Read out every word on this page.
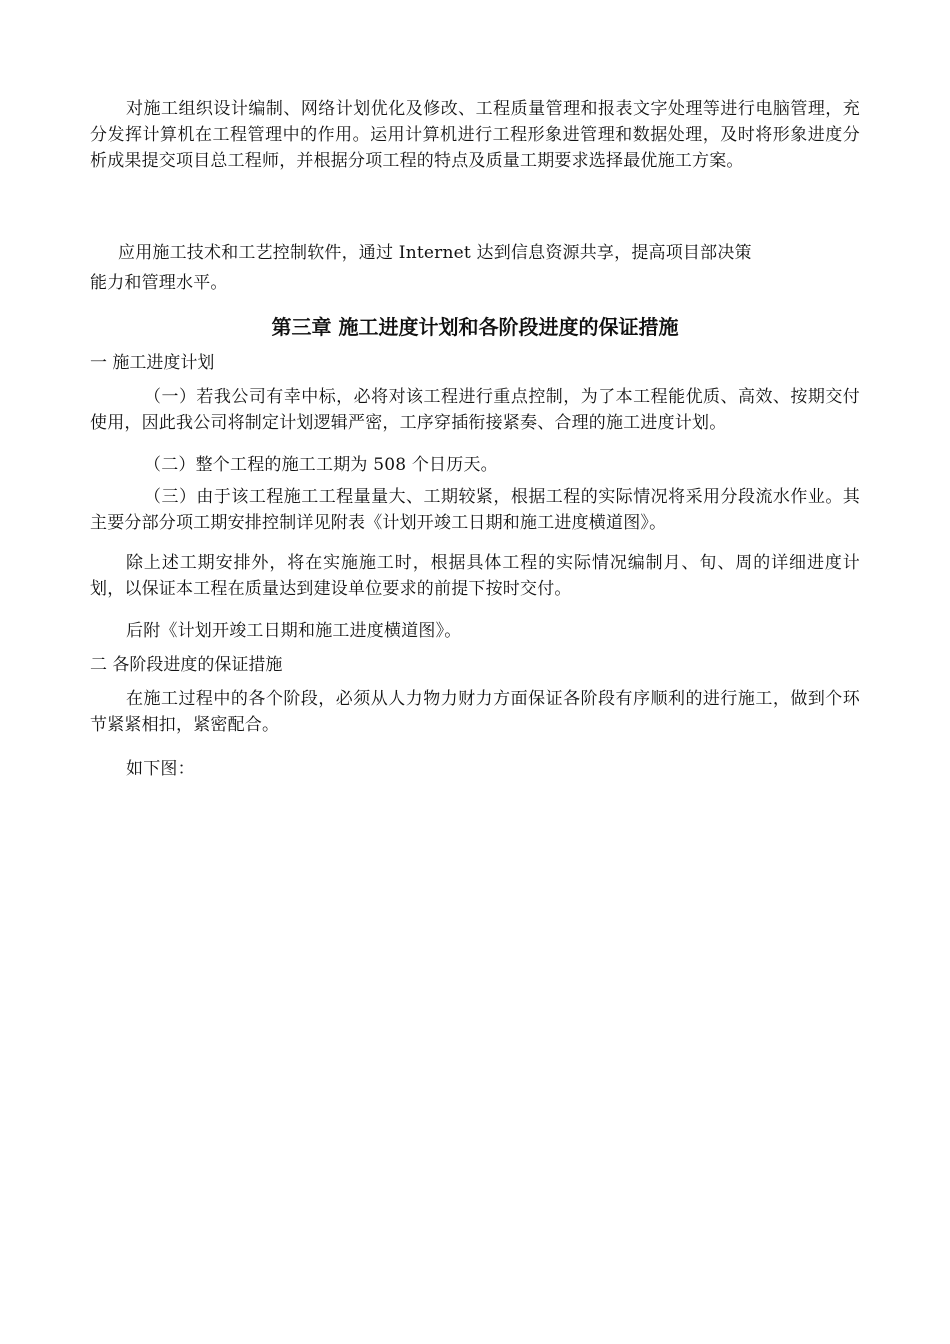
对施工组织设计编制、网络计划优化及修改、工程质量管理和报表文字处理等进行电脑管理，充分发挥计算机在工程管理中的作用。运用计算机进行工程形象进管理和数据处理，及时将形象进度分析成果提交项目总工程师，并根据分项工程的特点及质量工期要求选择最优施工方案。

应用施工技术和工艺控制软件，通过 Internet 达到信息资源共享，提高项目部决策

能力和管理水平。

第三章 施工进度计划和各阶段进度的保证措施

一 施工进度计划

（一）若我公司有幸中标，必将对该工程进行重点控制，为了本工程能优质、高效、按期交付使用，因此我公司将制定计划逻辑严密，工序穿插衔接紧奏、合理的施工进度计划。

（二）整个工程的施工工期为 508 个日历天。

（三）由于该工程施工工程量量大、工期较紧，根据工程的实际情况将采用分段流水作业。其主要分部分项工期安排控制详见附表《计划开竣工日期和施工进度横道图》。

除上述工期安排外，将在实施施工时，根据具体工程的实际情况编制月、旬、周的详细进度计划，以保证本工程在质量达到建设单位要求的前提下按时交付。

后附《计划开竣工日期和施工进度横道图》。

二 各阶段进度的保证措施

在施工过程中的各个阶段，必须从人力物力财力方面保证各阶段有序顺利的进行施工，做到个环节紧紧相扣，紧密配合。

如下图：
